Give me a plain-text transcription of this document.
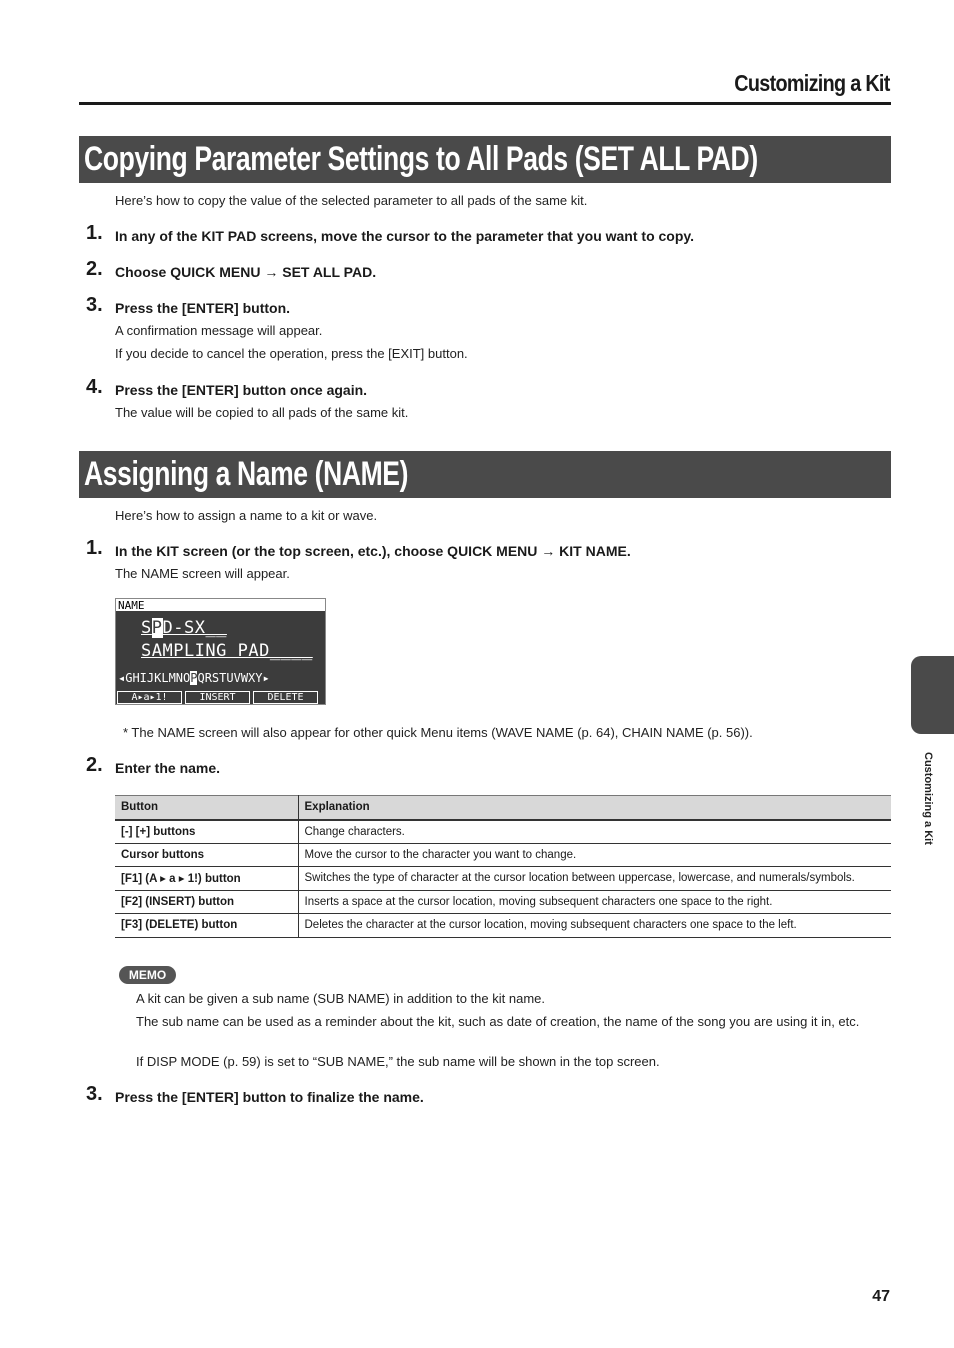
Customizing a Kit
Copying Parameter Settings to All Pads (SET ALL PAD)
Here’s how to copy the value of the selected parameter to all pads of the same kit.
1. In any of the KIT PAD screens, move the cursor to the parameter that you want to copy.
2. Choose QUICK MENU → SET ALL PAD.
3. Press the [ENTER] button.
A confirmation message will appear.
If you decide to cancel the operation, press the [EXIT] button.
4. Press the [ENTER] button once again.
The value will be copied to all pads of the same kit.
Assigning a Name (NAME)
Here’s how to assign a name to a kit or wave.
1. In the KIT screen (or the top screen, etc.), choose QUICK MENU → KIT NAME.
The NAME screen will appear.
NAME
SPD-SX__
SAMPLING PAD____
◂GHIJKLMNOPQRSTUVWXY▸
A▸a▸1!	INSERT	DELETE
* The NAME screen will also appear for other quick Menu items (WAVE NAME (p. 64), CHAIN NAME (p. 56)).
2. Enter the name.
Button	Explanation
[-] [+] buttons	Change characters.
Cursor buttons	Move the cursor to the character you want to change.
[F1] (A ▸ a ▸ 1!) button	Switches the type of character at the cursor location between uppercase, lowercase, and numerals/symbols.
[F2] (INSERT) button	Inserts a space at the cursor location, moving subsequent characters one space to the right.
[F3] (DELETE) button	Deletes the character at the cursor location, moving subsequent characters one space to the left.
MEMO
A kit can be given a sub name (SUB NAME) in addition to the kit name.
The sub name can be used as a reminder about the kit, such as date of creation, the name of the song you are using it in, etc.
If DISP MODE (p. 59) is set to “SUB NAME,” the sub name will be shown in the top screen.
3. Press the [ENTER] button to finalize the name.
Customizing a Kit
47
